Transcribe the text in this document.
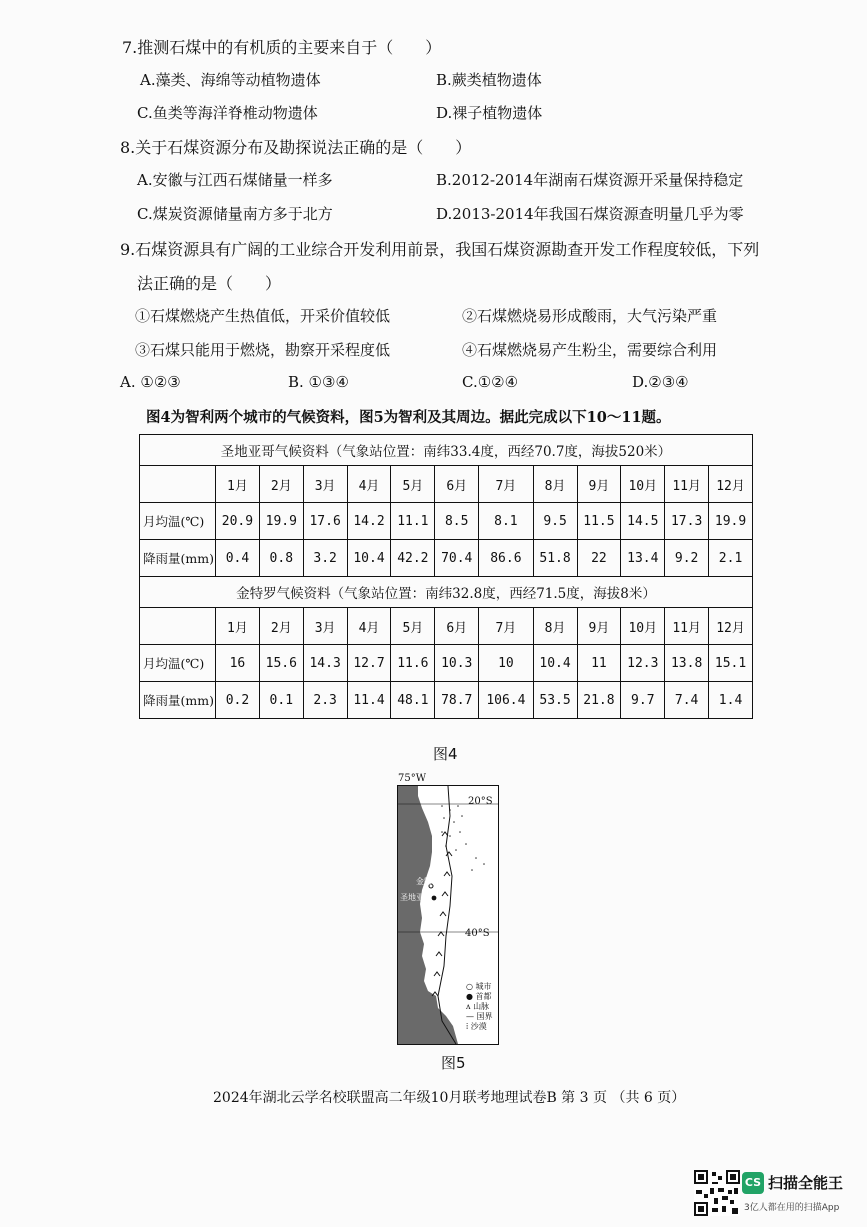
7.推测石煤中的有机质的主要来自于（　　）
A.藻类、海绵等动植物遗体	B.蕨类植物遗体
C.鱼类等海洋脊椎动物遗体	D.裸子植物遗体
8.关于石煤资源分布及勘探说法正确的是（　　）
A.安徽与江西石煤储量一样多	B.2012-2014年湖南石煤资源开采量保持稳定
C.煤炭资源储量南方多于北方	D.2013-2014年我国石煤资源查明量几乎为零
9.石煤资源具有广阔的工业综合开发利用前景，我国石煤资源勘查开发工作程度较低，下列
法正确的是（　　）
①石煤燃烧产生热值低，开采价值较低	②石煤燃烧易形成酸雨，大气污染严重
③石煤只能用于燃烧，勘察开采程度低	④石煤燃烧易产生粉尘，需要综合利用
A. ①②③	B. ①③④	C.①②④	D.②③④
图4为智利两个城市的气候资料，图5为智利及其周边。据此完成以下10～11题。
圣地亚哥气候资料（气象站位置：南纬33.4度，西经70.7度，海拔520米）												
	1月	2月	3月	4月	5月	6月	7月	8月	9月	10月	11月	12月
月均温(℃)	20.9	19.9	17.6	14.2	11.1	8.5	8.1	9.5	11.5	14.5	17.3	19.9
降雨量(mm)	0.4	0.8	3.2	10.4	42.2	70.4	86.6	51.8	22	13.4	9.2	2.1
金特罗气候资料（气象站位置：南纬32.8度，西经71.5度，海拔8米）												
	1月	2月	3月	4月	5月	6月	7月	8月	9月	10月	11月	12月
月均温(℃)	16	15.6	14.3	12.7	11.6	10.3	10	10.4	11	12.3	13.8	15.1
降雨量(mm)	0.2	0.1	2.3	11.4	48.1	78.7	106.4	53.5	21.8	9.7	7.4	1.4
图4
75°W
金特罗
圣地亚哥
○ 城市
● 首都
ʌ 山脉
— 国界
⁞ 沙漠
20°S
40°S
图5
2024年湖北云学名校联盟高二年级10月联考地理试卷B 第 3 页 （共 6 页）
CS 扫描全能王
3亿人都在用的扫描App
